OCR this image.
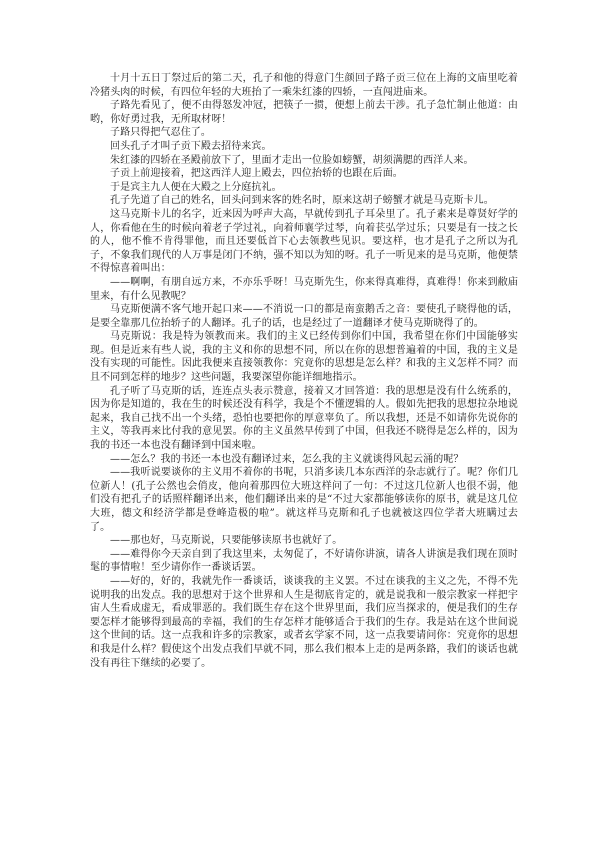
十月十五日丁祭过后的第二天，孔子和他的得意门生颜回子路子贡三位在上海的文庙里吃着冷猪头肉的时候，有四位年轻的大班抬了一乘朱红漆的四轿，一直闯进庙来。

子路先看见了，便不由得怒发冲冠，把筷子一掼，便想上前去干涉。孔子急忙制止他道：由哟，你好勇过我，无所取材呀！

子路只得把气忍住了。

回头孔子才叫子贡下殿去招待来宾。

朱红漆的四轿在圣殿前放下了，里面才走出一位脸如螃蟹，胡须满腮的西洋人来。

子贡上前迎接着，把这西洋人迎上殿去，四位抬轿的也跟在后面。

于是宾主九人便在大殿之上分庭抗礼。

孔子先道了自己的姓名，回头问到来客的姓名时，原来这胡子螃蟹才就是马克斯卡儿。

这马克斯卡儿的名字，近来因为呼声大高，早就传到孔子耳朵里了。孔子素来是尊贤好学的人，你看他在生的时候向着老子学过礼，向着师襄学过琴，向着苌弘学过乐；只要是有一技之长的人，他不惟不肯得罪他，而且还要低首下心去领教些见识。要这样，也才是孔子之所以为孔子，不象我们现代的人万事是闭门不纳，强不知以为知的呀。孔子一听见来的是马克斯，他便禁不得惊喜着叫出：

——啊啊，有朋自远方来，不亦乐乎呀！马克斯先生，你来得真难得，真难得！你来到敝庙里来，有什么见教呢？

马克斯便满不客气地开起口来——不消说一口的都是南蛮鹅舌之音：要使孔子晓得他的话，是要全靠那几位抬轿子的人翻译。孔子的话，也是经过了一道翻译才使马克斯晓得了的。

马克斯说：我是特为领教而来。我们的主义已经传到你们中国，我希望在你们中国能够实现。但是近来有些人说，我的主义和你的思想不同，所以在你的思想普遍着的中国，我的主义是没有实现的可能性。因此我便来直接领教你：究竟你的思想是怎么样？和我的主义怎样不同？而且不同到怎样的地步？这些问题，我要深望你能详细地指示。

孔子听了马克斯的话，连连点头表示赞意，接着又才回答道：我的思想是没有什么统系的，因为你是知道的，我在生的时候还没有科学，我是个不懂逻辑的人。假如先把我的思想拉杂地说起来，我自己找不出一个头绪，恐怕也要把你的厚意辜负了。所以我想，还是不如请你先说你的主义，等我再来比付我的意见罢。你的主义虽然早传到了中国，但我还不晓得是怎么样的，因为我的书还一本也没有翻译到中国来啦。

——怎么？我的书还一本也没有翻译过来，怎么我的主义就谈得风起云涌的呢？

——我听说要谈你的主义用不着你的书呢，只消多读几本东西洋的杂志就行了。呢？你们几位新人！(孔子公然也会俏皮，他向着那四位大班这样问了一句：不过这几位新人也很不弱，他们没有把孔子的话照样翻译出来，他们翻译出来的是“不过大家都能够读你的原书，就是这几位大班，德文和经济学都是登峰造极的啦”。就这样马克斯和孔子也就被这四位学者大班瞒过去了。

——那也好，马克斯说，只要能够读原书也就好了。

——难得你今天亲自到了我这里来，太匆促了，不好请你讲演，请各人讲演是我们现在顶时髦的事情啦！至少请你作一番谈话罢。

——好的，好的，我就先作一番谈话，谈谈我的主义罢。不过在谈我的主义之先，不得不先说明我的出发点。我的思想对于这个世界和人生是彻底肯定的，就是说我和一般宗教家一样把宇宙人生看成虚无，看成罪恶的。我们既生存在这个世界里面，我们应当探求的，便是我们的生存要怎样才能够得到最高的幸福，我们的生存怎样才能够适合于我们的生存。我是站在这个世间说这个世间的话。这一点我和许多的宗教家，或者玄学家不同，这一点我要请问你：究竟你的思想和我是什么样？假使这个出发点我们早就不同，那么我们根本上走的是两条路，我们的谈话也就没有再往下继续的必要了。
